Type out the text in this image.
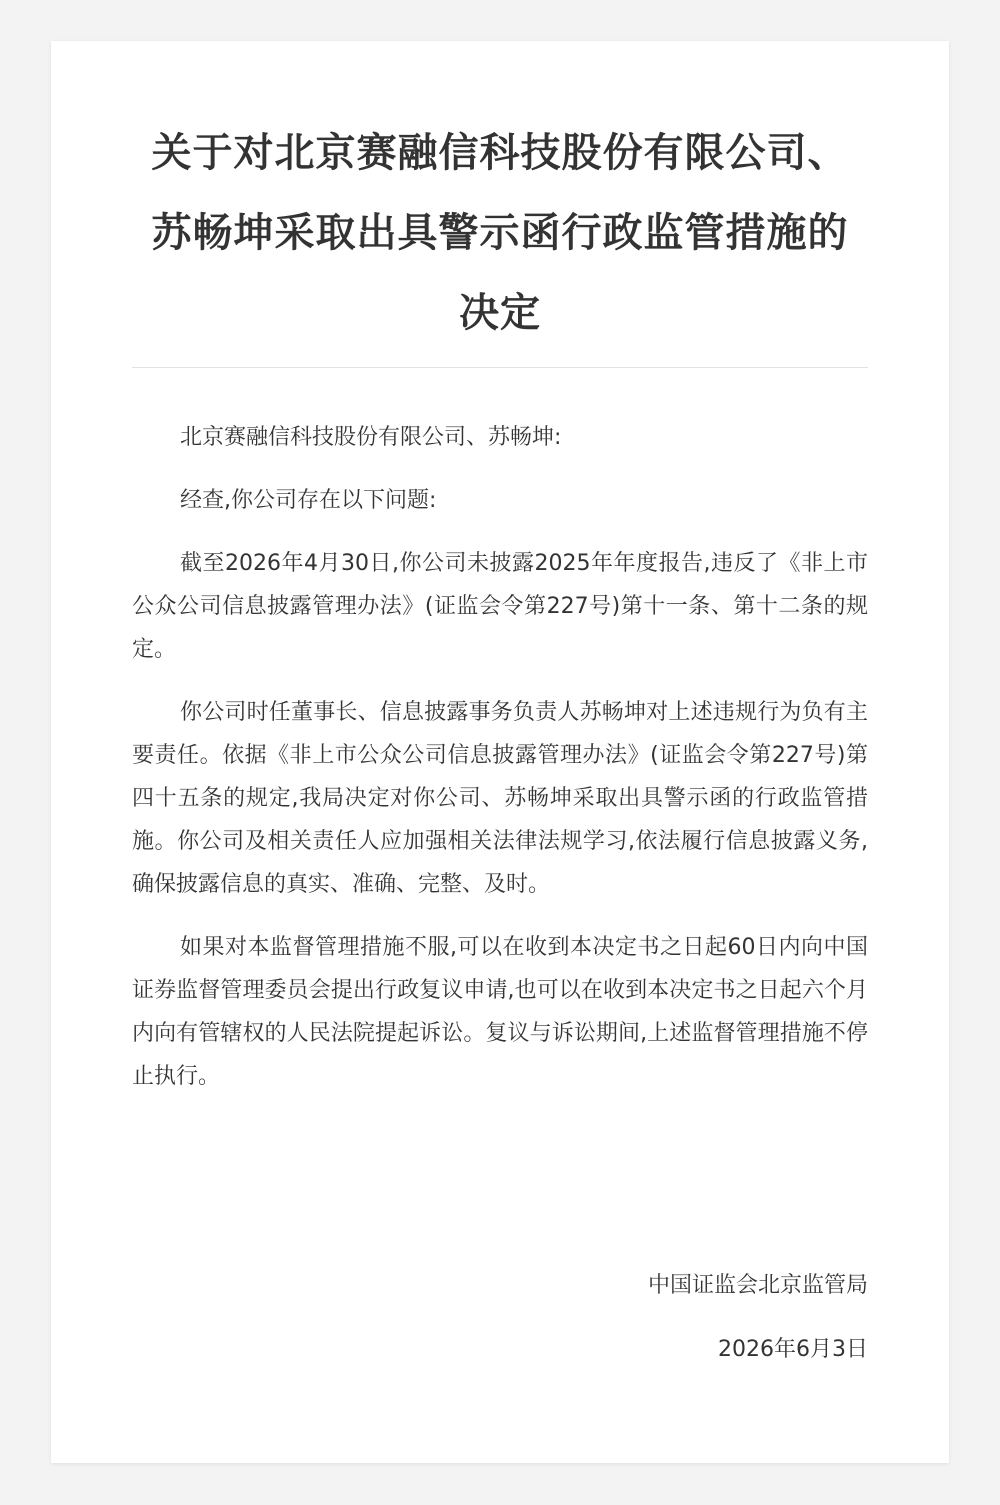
关于对北京赛融信科技股份有限公司、苏畅坤采取出具警示函行政监管措施的决定

北京赛融信科技股份有限公司、苏畅坤:

经查,你公司存在以下问题:

截至2026年4月30日,你公司未披露2025年年度报告,违反了《非上市公众公司信息披露管理办法》(证监会令第227号)第十一条、第十二条的规定。

你公司时任董事长、信息披露事务负责人苏畅坤对上述违规行为负有主要责任。依据《非上市公众公司信息披露管理办法》(证监会令第227号)第四十五条的规定,我局决定对你公司、苏畅坤采取出具警示函的行政监管措施。你公司及相关责任人应加强相关法律法规学习,依法履行信息披露义务,确保披露信息的真实、准确、完整、及时。

如果对本监督管理措施不服,可以在收到本决定书之日起60日内向中国证券监督管理委员会提出行政复议申请,也可以在收到本决定书之日起六个月内向有管辖权的人民法院提起诉讼。复议与诉讼期间,上述监督管理措施不停止执行。

中国证监会北京监管局
2026年6月3日
